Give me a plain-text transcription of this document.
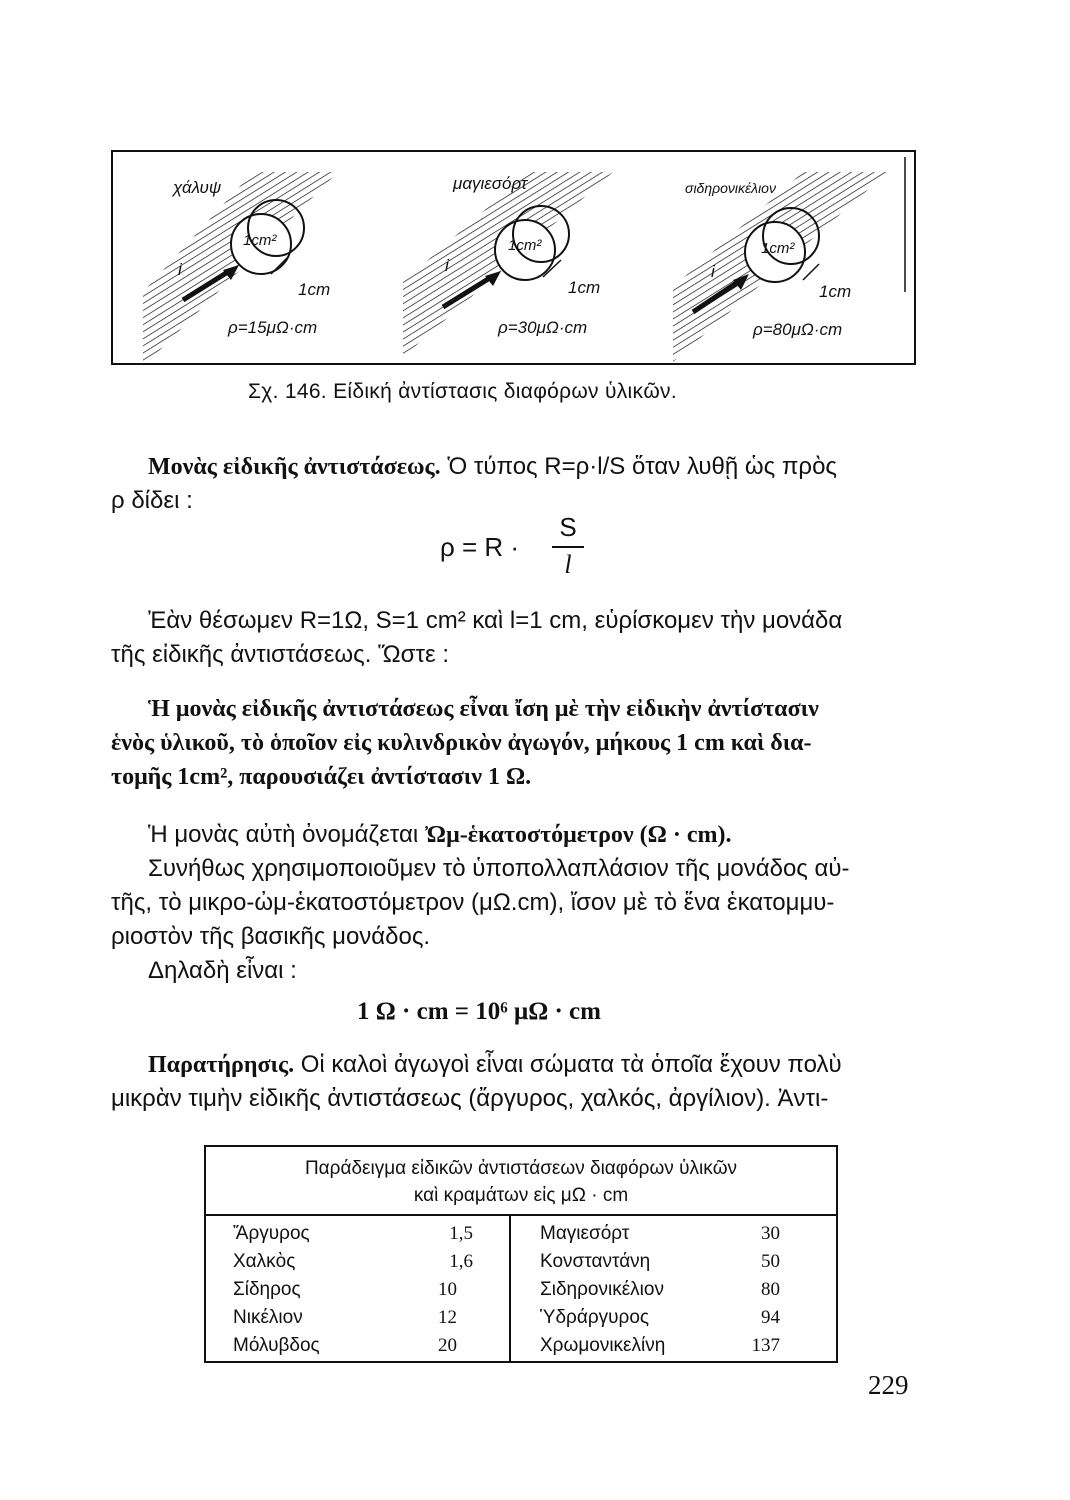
χάλυψ
1cm²
i
1cm
ρ=15μΩ·cm
μαγιεσόρτ
1cm²
i
1cm
ρ=30μΩ·cm
σιδηρονικέλιον
1cm²
i
1cm
ρ=80μΩ·cm
Σχ. 146. Είδική ἀντίστασις διαφόρων ὑλικῶν.
Μονὰς εἰδικῆς ἀντιστάσεως. Ὁ τύπος R=ρ·l/S ὅταν λυθῇ ὡς πρὸς
ρ δίδει :
ρ = R ·
S
l
Ἐὰν θέσωμεν R=1Ω, S=1 cm² καὶ l=1 cm, εὑρίσκομεν τὴν μονάδα
τῆς εἰδικῆς ἀντιστάσεως. Ὥστε :
Ἡ μονὰς εἰδικῆς ἀντιστάσεως εἶναι ἴση μὲ τὴν εἰδικὴν ἀντίστασιν
ἑνὸς ὑλικοῦ, τὸ ὁποῖον εἰς κυλινδρικὸν ἀγωγόν, μήκους 1 cm καὶ δια-
τομῆς 1cm², παρουσιάζει ἀντίστασιν 1 Ω.
Ἡ μονὰς αὐτὴ ὀνομάζεται Ὠμ-ἑκατοστόμετρον (Ω · cm).
Συνήθως χρησιμοποιοῦμεν τὸ ὑποπολλαπλάσιον τῆς μονάδος αὐ-
τῆς, τὸ μικρο-ὠμ-ἑκατοστόμετρον (μΩ.cm), ἴσον μὲ τὸ ἕνα ἑκατομμυ-
ριοστὸν τῆς βασικῆς μονάδος.
Δηλαδὴ εἶναι :
1 Ω · cm = 10⁶ μΩ · cm
Παρατήρησις. Οἱ καλοὶ ἀγωγοὶ εἶναι σώματα τὰ ὁποῖα ἔχουν πολὺ
μικρὰν τιμὴν εἰδικῆς ἀντιστάσεως (ἄργυρος, χαλκός, ἀργίλιον). Ἀντι-
Παράδειγμα εἰδικῶν ἀντιστάσεων διαφόρων ὑλικῶν
καὶ κραμάτων εἰς μΩ · cm
Ἄργυρος	1,5
Χαλκὸς	1,6
Σίδηρος	10
Νικέλιον	12
Μόλυβδος	20
Μαγιεσόρτ	30
Κονσταντάνη	50
Σιδηρονικέλιον	80
Ὑδράργυρος	94
Χρωμονικελίνη	137
229
